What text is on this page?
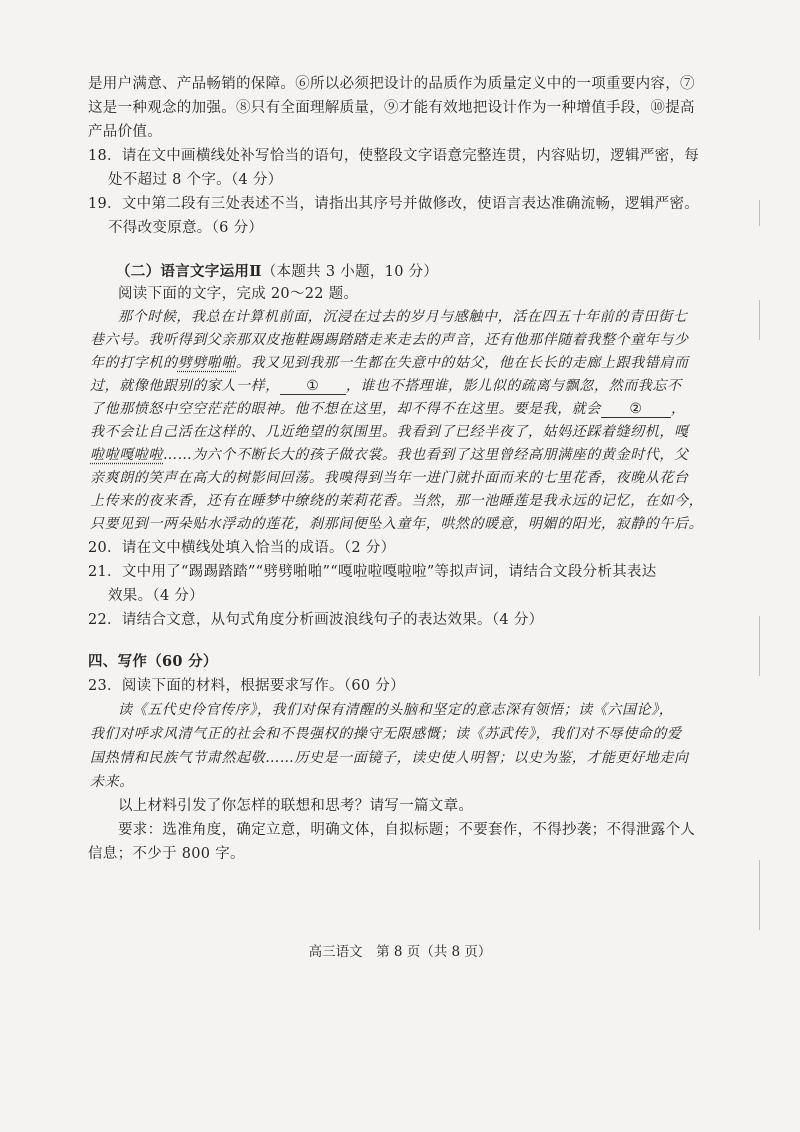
是用户满意、产品畅销的保障。⑥所以必须把设计的品质作为质量定义中的一项重要内容，⑦
这是一种观念的加强。⑧只有全面理解质量，⑨才能有效地把设计作为一种增值手段，⑩提高
产品价值。
18．请在文中画横线处补写恰当的语句，使整段文字语意完整连贯，内容贴切，逻辑严密，每
处不超过 8 个字。（4 分）
19．文中第二段有三处表述不当，请指出其序号并做修改，使语言表达准确流畅，逻辑严密。
不得改变原意。（6 分）
（二）语言文字运用Ⅱ（本题共 3 小题，10 分）
阅读下面的文字，完成 20～22 题。
那个时候，我总在计算机前面，沉浸在过去的岁月与感触中，活在四五十年前的青田街七
巷六号。我听得到父亲那双皮拖鞋踢踢踏踏走来走去的声音，还有他那伴随着我整个童年与少
年的打字机的劈劈啪啪。我又见到我那一生都在失意中的姑父，他在长长的走廊上跟我错肩而
过，就像他跟别的家人一样， ① ，谁也不搭理谁，影儿似的疏离与飘忽，然而我忘不
了他那愤怒中空空茫茫的眼神。他不想在这里，却不得不在这里。要是我，就会 ② ，
我不会让自己活在这样的、几近绝望的氛围里。我看到了已经半夜了，姑妈还踩着缝纫机，嘎
啦啦嘎啦啦……为六个不断长大的孩子做衣裳。我也看到了这里曾经高朋满座的黄金时代，父
亲爽朗的笑声在高大的树影间回荡。我嗅得到当年一进门就扑面而来的七里花香，夜晚从花台
上传来的夜来香，还有在睡梦中缭绕的茉莉花香。当然，那一池睡莲是我永远的记忆，在如今，
只要见到一两朵贴水浮动的莲花，刹那间便坠入童年，哄然的暖意，明媚的阳光，寂静的午后。
20．请在文中横线处填入恰当的成语。（2 分）
21．文中用了“踢踢踏踏”“劈劈啪啪”“嘎啦啦嘎啦啦”等拟声词，请结合文段分析其表达
效果。（4 分）
22．请结合文意，从句式角度分析画波浪线句子的表达效果。（4 分）
四、写作（60 分）
23．阅读下面的材料，根据要求写作。（60 分）
读《五代史伶官传序》，我们对保有清醒的头脑和坚定的意志深有领悟；读《六国论》，
我们对呼求风清气正的社会和不畏强权的操守无限感慨；读《苏武传》，我们对不辱使命的爱
国热情和民族气节肃然起敬……历史是一面镜子，读史使人明智；以史为鉴，才能更好地走向
未来。
以上材料引发了你怎样的联想和思考？请写一篇文章。
要求：选准角度，确定立意，明确文体，自拟标题；不要套作，不得抄袭；不得泄露个人
信息；不少于 800 字。
高三语文　第 8 页（共 8 页）
